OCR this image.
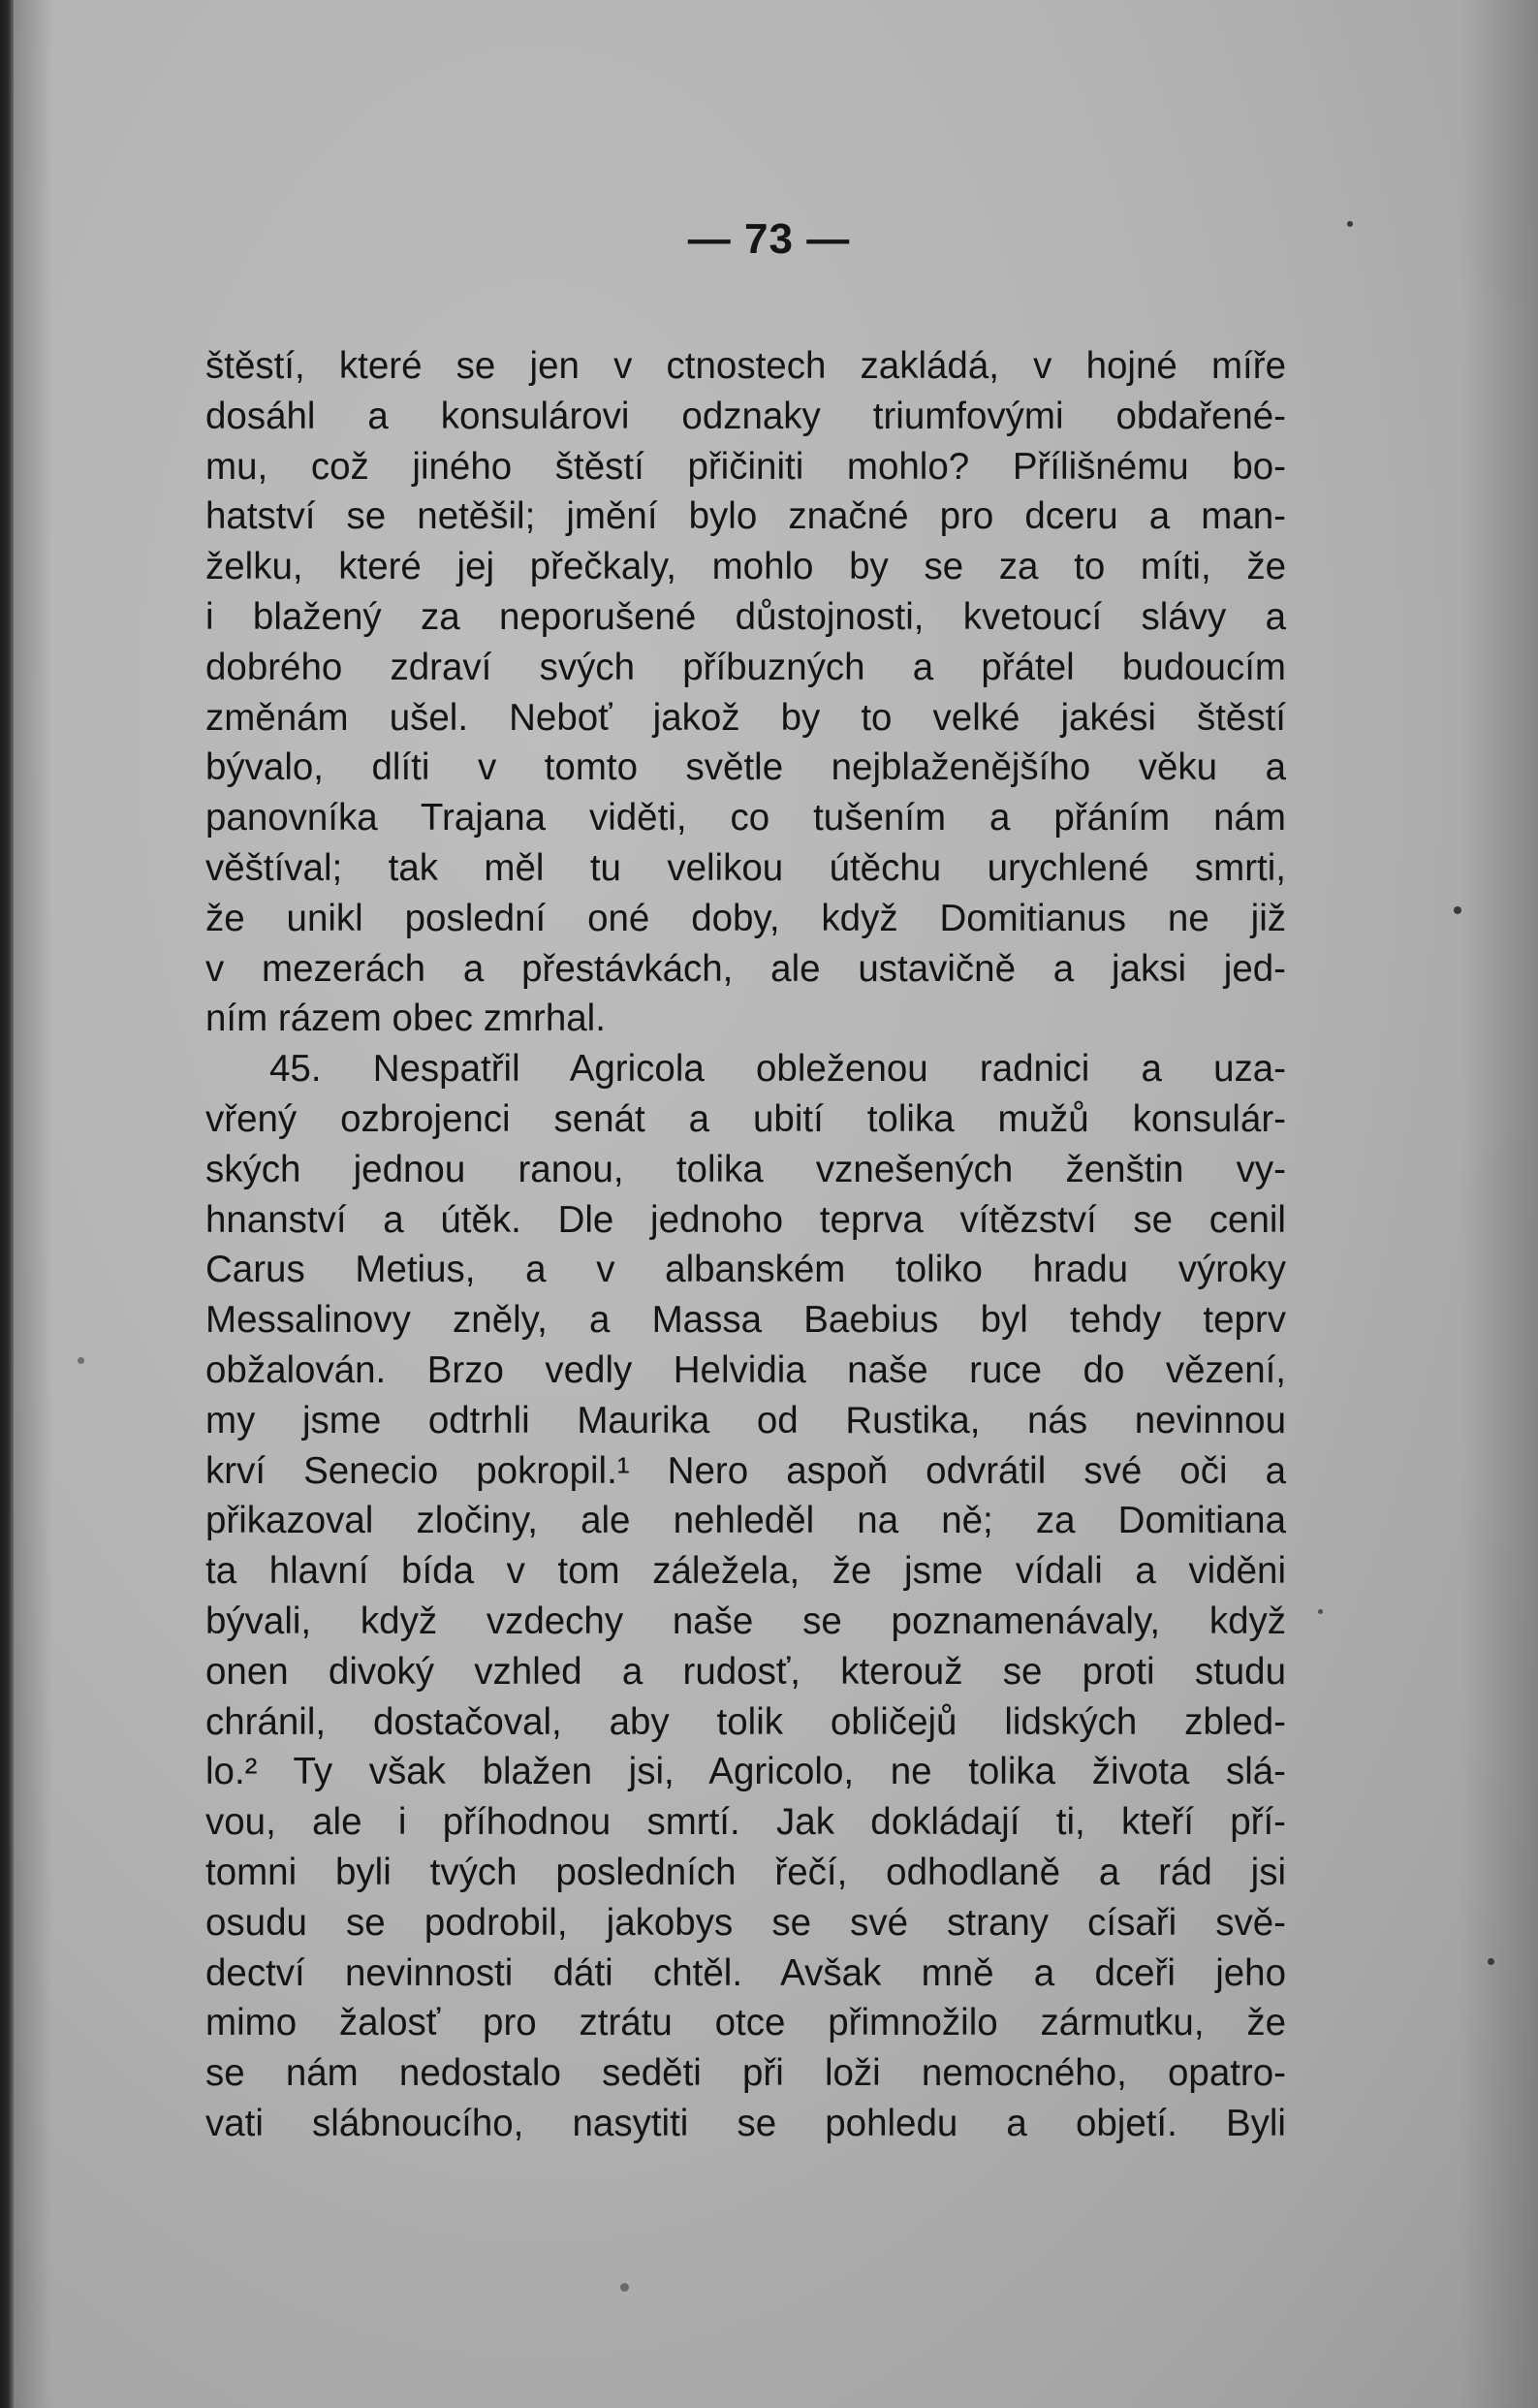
— 73 —
štěstí, které se jen v ctnostech zakládá, v hojné míře
dosáhl a konsulárovi odznaky triumfovými obdařené-
mu, což jiného štěstí přičiniti mohlo? Přílišnému bo-
hatství se netěšil; jmění bylo značné pro dceru a man-
želku, které jej přečkaly, mohlo by se za to míti, že
i blažený za neporušené důstojnosti, kvetoucí slávy a
dobrého zdraví svých příbuzných a přátel budoucím
změnám ušel. Neboť jakož by to velké jakési štěstí
bývalo, dlíti v tomto světle nejblaženějšího věku a
panovníka Trajana viděti, co tušením a přáním nám
věštíval; tak měl tu velikou útěchu urychlené smrti,
že unikl poslední oné doby, když Domitianus ne již
v mezerách a přestávkách, ale ustavičně a jaksi jed-
ním rázem obec zmrhal.
45. Nespatřil Agricola obleženou radnici a uza-
vřený ozbrojenci senát a ubití tolika mužů konsulár-
ských jednou ranou, tolika vznešených ženštin vy-
hnanství a útěk. Dle jednoho teprva vítězství se cenil
Carus Metius, a v albanském toliko hradu výroky
Messalinovy zněly, a Massa Baebius byl tehdy teprv
obžalován. Brzo vedly Helvidia naše ruce do vězení,
my jsme odtrhli Maurika od Rustika, nás nevinnou
krví Senecio pokropil.¹ Nero aspoň odvrátil své oči a
přikazoval zločiny, ale nehleděl na ně; za Domitiana
ta hlavní bída v tom záležela, že jsme vídali a viděni
bývali, když vzdechy naše se poznamenávaly, když
onen divoký vzhled a rudosť, kterouž se proti studu
chránil, dostačoval, aby tolik obličejů lidských zbled-
lo.² Ty však blažen jsi, Agricolo, ne tolika života slá-
vou, ale i příhodnou smrtí. Jak dokládají ti, kteří pří-
tomni byli tvých posledních řečí, odhodlaně a rád jsi
osudu se podrobil, jakobys se své strany císaři svě-
dectví nevinnosti dáti chtěl. Avšak mně a dceři jeho
mimo žalosť pro ztrátu otce přimnožilo zármutku, že
se nám nedostalo seděti při loži nemocného, opatro-
vati slábnoucího, nasytiti se pohledu a objetí. Byli
